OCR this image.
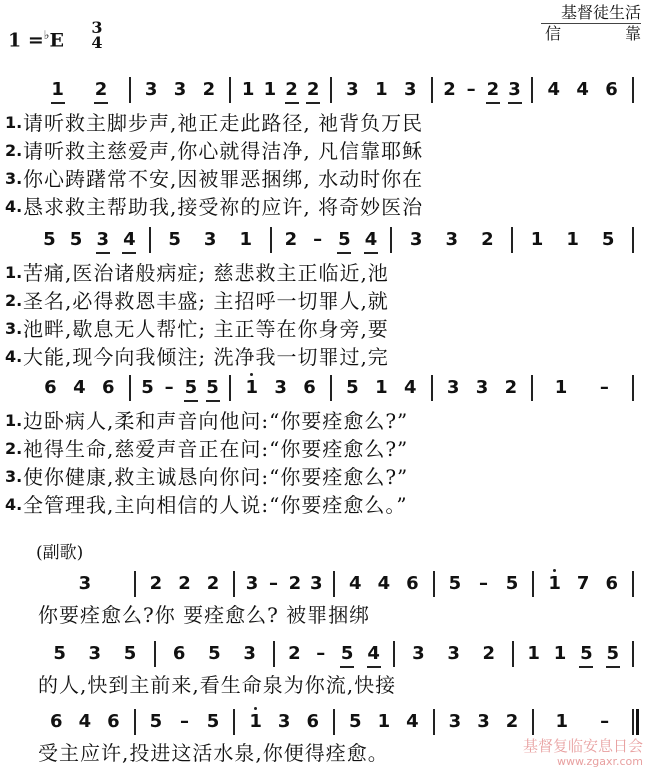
1 =♭E
3
4
基督徒生活
信	靠
1 2 3 3 2 1 1 2 2 3 1 3 2 – 2 3 4 4 6
1. 请听救主脚步声,祂正走此路径, 祂背负万民
2. 请听救主慈爱声,你心就得洁净, 凡信靠耶稣
3. 你心踌躇常不安,因被罪恶捆绑, 水动时你在
4. 恳求救主帮助我,接受祢的应许, 将奇妙医治
5 5 3 4 5 3 1 2 – 5 4 3 3 2 1 1 5
1. 苦痛,医治诸般病症; 慈悲救主正临近,池
2. 圣名,必得救恩丰盛; 主招呼一切罪人,就
3. 池畔,歇息无人帮忙; 主正等在你身旁,要
4. 大能,现今向我倾注; 洗净我一切罪过,完
6 4 6 5 – 5 5 1 3 6 5 1 4 3 3 2 1 –
1. 边卧病人,柔和声音向他问:“你要痊愈么?”
2. 祂得生命,慈爱声音正在问:“你要痊愈么?”
3. 使你健康,救主诚恳向你问:“你要痊愈么?”
4. 全管理我,主向相信的人说:“你要痊愈么。”
3	2 2 2 3 – 2 3 4 4 6 5 – 5 1 7 6
你要痊愈么?你 要痊愈么? 被罪捆绑
5 3 5 6 5 3 2 – 5 4 3 3 2 1 1 5 5
的人,快到主前来,看生命泉为你流,快接
6 4 6 5 – 5 1 3 6 5 1 4 3 3 2 1 –
受主应许,投进这活水泉,你便得痊愈。
(副歌)
基督复临安息日会
www.zgaxr.com
